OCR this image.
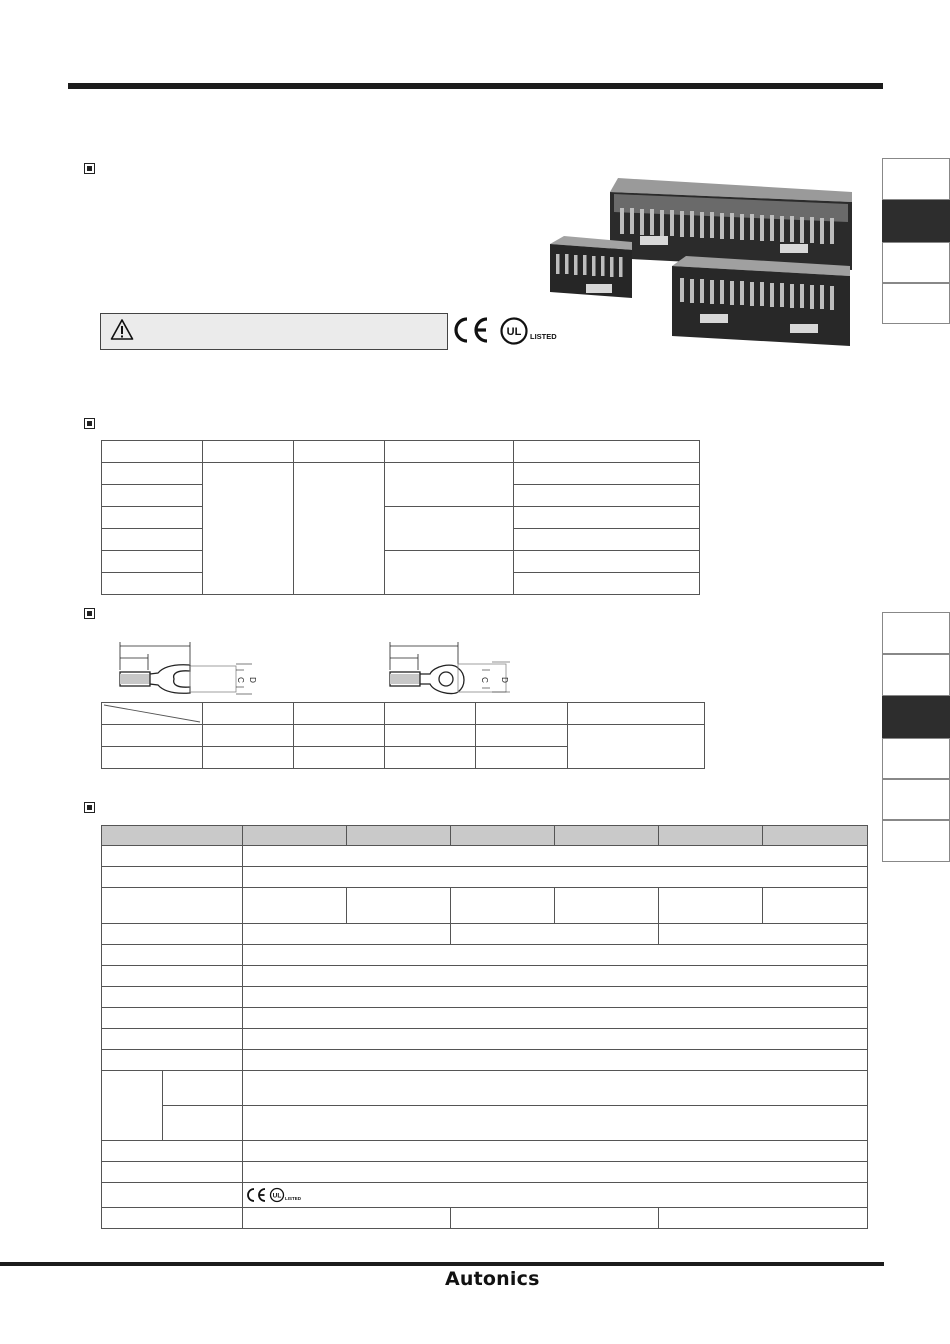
UL LISTED

C D	C D

UL LISTED					

Autonics
